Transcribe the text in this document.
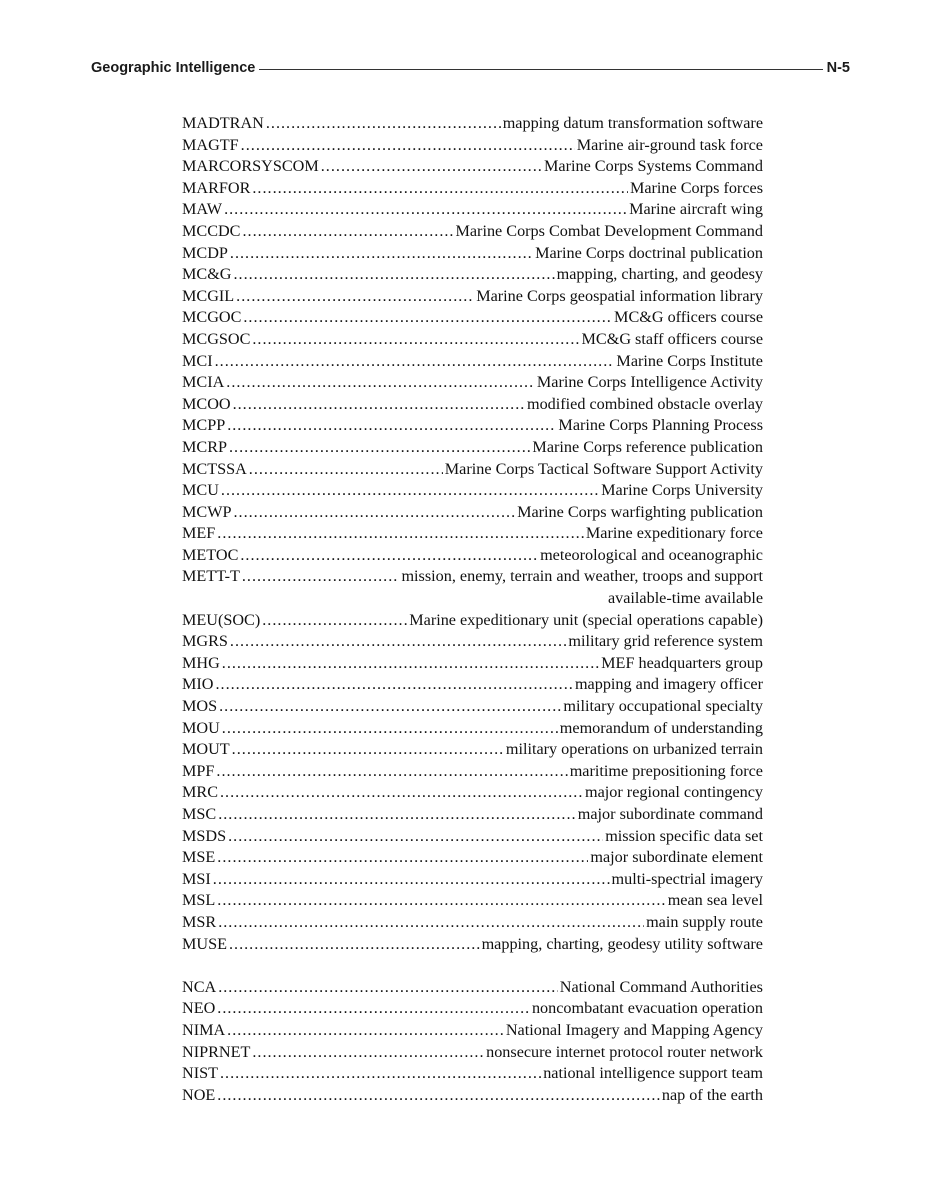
Geographic Intelligence	N-5
MADTRAN .....	mapping datum transformation software
MAGTF .....	Marine air-ground task force
MARCORSYSCOM .....	Marine Corps Systems Command
MARFOR .....	Marine Corps forces
MAW .....	Marine aircraft wing
MCCDC .....	Marine Corps Combat Development Command
MCDP .....	Marine Corps doctrinal publication
MC&G .....	mapping, charting, and geodesy
MCGIL .....	Marine Corps geospatial information library
MCGOC .....	MC&G officers course
MCGSOC .....	MC&G staff officers course
MCI .....	Marine Corps Institute
MCIA .....	Marine Corps Intelligence Activity
MCOO .....	modified combined obstacle overlay
MCPP .....	Marine Corps Planning Process
MCRP .....	Marine Corps reference publication
MCTSSA .....	Marine Corps Tactical Software Support Activity
MCU .....	Marine Corps University
MCWP .....	Marine Corps warfighting publication
MEF .....	Marine expeditionary force
METOC .....	meteorological and oceanographic
METT-T .....	mission, enemy, terrain and weather, troops and support
available-time available
MEU(SOC) .....	Marine expeditionary unit (special operations capable)
MGRS .....	military grid reference system
MHG .....	MEF headquarters group
MIO .....	mapping and imagery officer
MOS .....	military occupational specialty
MOU .....	memorandum of understanding
MOUT .....	military operations on urbanized terrain
MPF .....	maritime prepositioning force
MRC .....	major regional contingency
MSC .....	major subordinate command
MSDS .....	mission specific data set
MSE .....	major subordinate element
MSI .....	multi-spectrial imagery
MSL .....	mean sea level
MSR .....	main supply route
MUSE .....	mapping, charting, geodesy utility software
NCA .....	National Command Authorities
NEO .....	noncombatant evacuation operation
NIMA .....	National Imagery and Mapping Agency
NIPRNET .....	nonsecure internet protocol router network
NIST .....	national intelligence support team
NOE .....	nap of the earth
